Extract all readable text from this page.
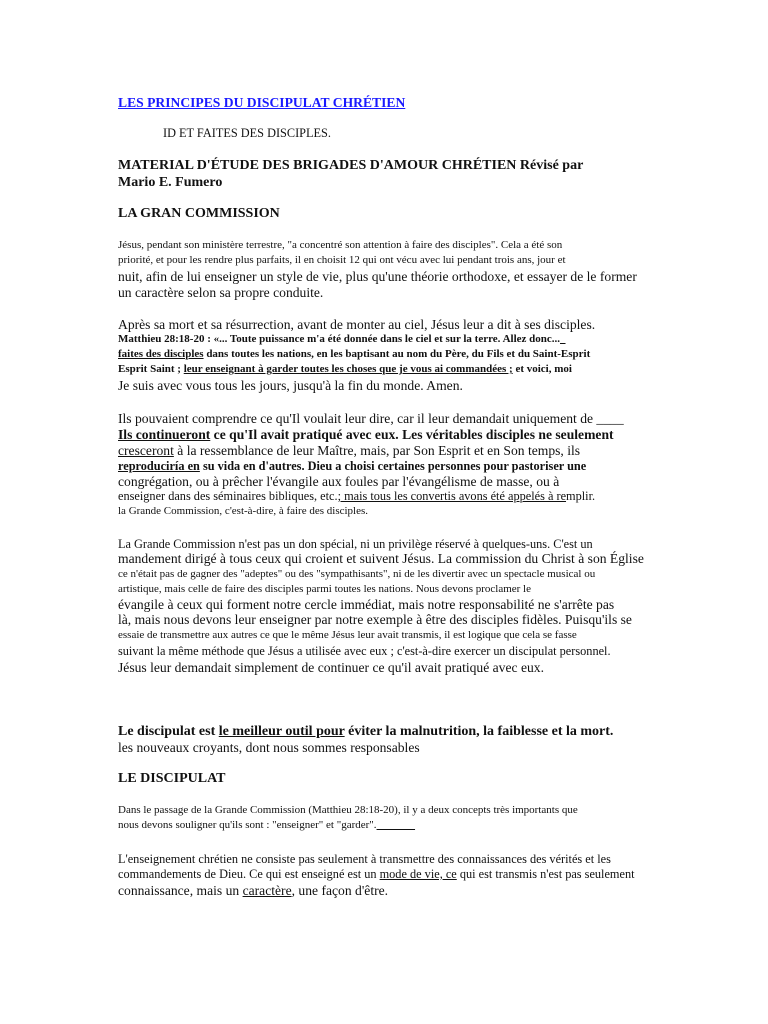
LES PRINCIPES DU DISCIPULAT CHRÉTIEN
ID ET FAITES DES DISCIPLES.
MATERIAL D'ÉTUDE DES BRIGADES D'AMOUR CHRÉTIEN Révisé par
Mario E. Fumero
LA GRAN COMMISSION
Jésus, pendant son ministère terrestre, "a concentré son attention à faire des disciples". Cela a été son
priorité, et pour les rendre plus parfaits, il en choisit 12 qui ont vécu avec lui pendant trois ans, jour et
nuit, afin de lui enseigner un style de vie, plus qu'une théorie orthodoxe, et essayer de le former
un caractère selon sa propre conduite.
Après sa mort et sa résurrection, avant de monter au ciel, Jésus leur a dit à ses disciples.
Matthieu 28:18-20 : «... Toute puissance m'a été donnée dans le ciel et sur la terre. Allez donc...
faites des disciples dans toutes les nations, en les baptisant au nom du Père, du Fils et du Saint-Esprit
Esprit Saint ; leur enseignant à garder toutes les choses que je vous ai commandées ; et voici, moi
Je suis avec vous tous les jours, jusqu'à la fin du monde. Amen.
Ils pouvaient comprendre ce qu'Il voulait leur dire, car il leur demandait uniquement de ____
Ils continueront ce qu'Il avait pratiqué avec eux. Les véritables disciples ne seulement
cresceront à la ressemblance de leur Maître, mais, par Son Esprit et en Son temps, ils
reproduciría en su vida en d'autres. Dieu a choisi certaines personnes pour pastoriser une
congrégation, ou à prêcher l'évangile aux foules par l'évangélisme de masse, ou à
enseigner dans des séminaires bibliques, etc.; mais tous les convertis avons été appelés à remplir.
la Grande Commission, c'est-à-dire, à faire des disciples.
La Grande Commission n'est pas un don spécial, ni un privilège réservé à quelques-uns. C'est un
mandement dirigé à tous ceux qui croient et suivent Jésus. La commission du Christ à son Église
ce n'était pas de gagner des "adeptes" ou des "sympathisants", ni de les divertir avec un spectacle musical ou
artistique, mais celle de faire des disciples parmi toutes les nations. Nous devons proclamer le
évangile à ceux qui forment notre cercle immédiat, mais notre responsabilité ne s'arrête pas
là, mais nous devons leur enseigner par notre exemple à être des disciples fidèles. Puisqu'ils se
essaie de transmettre aux autres ce que le même Jésus leur avait transmis, il est logique que cela se fasse
suivant la même méthode que Jésus a utilisée avec eux ; c'est-à-dire exercer un discipulat personnel.
Jésus leur demandait simplement de continuer ce qu'il avait pratiqué avec eux.
Le discipulat est le meilleur outil pour éviter la malnutrition, la faiblesse et la mort.
les nouveaux croyants, dont nous sommes responsables
LE DISCIPULAT
Dans le passage de la Grande Commission (Matthieu 28:18-20), il y a deux concepts très importants que
nous devons souligner qu'ils sont : "enseigner" et "garder".
L'enseignement chrétien ne consiste pas seulement à transmettre des connaissances des vérités et les
commandements de Dieu. Ce qui est enseigné est un mode de vie, ce qui est transmis n'est pas seulement
connaissance, mais un caractère, une façon d'être.
